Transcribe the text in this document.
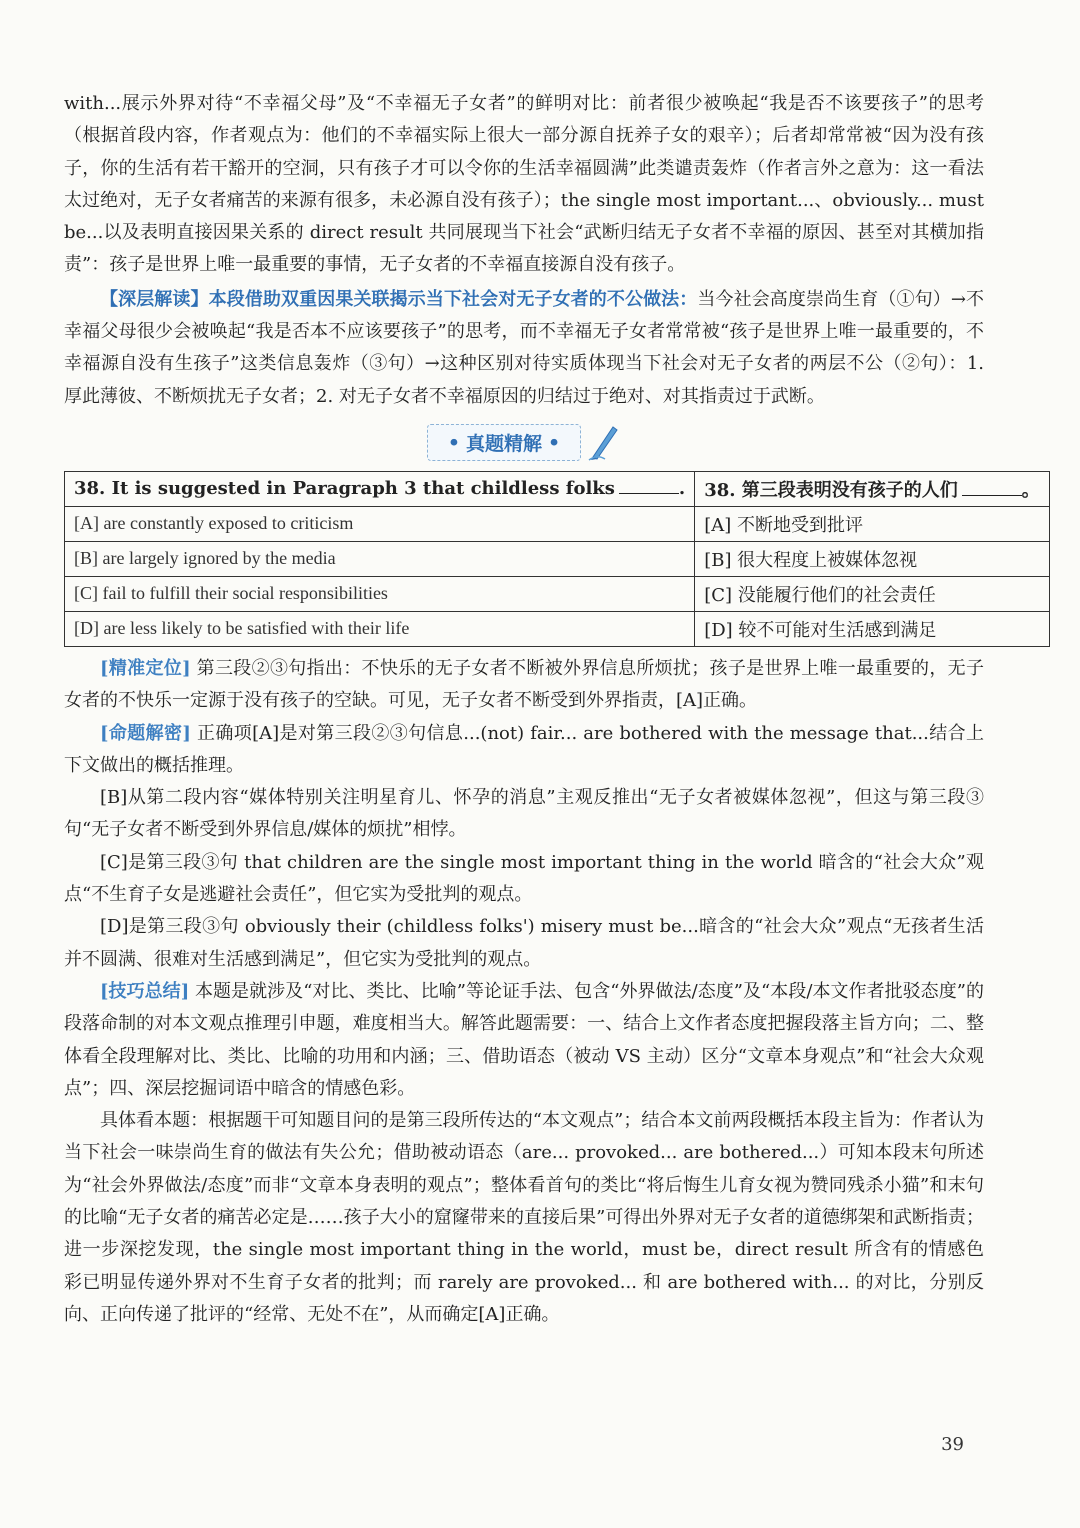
with...展示外界对待“不幸福父母”及“不幸福无子女者”的鲜明对比：前者很少被唤起“我是否不该要孩子”的思考（根据首段内容，作者观点为：他们的不幸福实际上很大一部分源自抚养子女的艰辛）；后者却常常被“因为没有孩子，你的生活有若干豁开的空洞，只有孩子才可以令你的生活幸福圆满”此类谴责轰炸（作者言外之意为：这一看法太过绝对，无子女者痛苦的来源有很多，未必源自没有孩子）；the single most important...、obviously... must be...以及表明直接因果关系的 direct result 共同展现当下社会“武断归结无子女者不幸福的原因、甚至对其横加指责”：孩子是世界上唯一最重要的事情，无子女者的不幸福直接源自没有孩子。

【深层解读】本段借助双重因果关联揭示当下社会对无子女者的不公做法：当今社会高度崇尚生育（①句）→不幸福父母很少会被唤起“我是否本不应该要孩子”的思考，而不幸福无子女者常常被“孩子是世界上唯一最重要的，不幸福源自没有生孩子”这类信息轰炸（③句）→这种区别对待实质体现当下社会对无子女者的两层不公（②句）：1. 厚此薄彼、不断烦扰无子女者；2. 对无子女者不幸福原因的归结过于绝对、对其指责过于武断。

• 真题精解 •
38. It is suggested in Paragraph 3 that childless folks .	38. 第三段表明没有孩子的人们 。
[A] are constantly exposed to criticism	[A] 不断地受到批评
[B] are largely ignored by the media	[B] 很大程度上被媒体忽视
[C] fail to fulfill their social responsibilities	[C] 没能履行他们的社会责任
[D] are less likely to be satisfied with their life	[D] 较不可能对生活感到满足

[精准定位] 第三段②③句指出：不快乐的无子女者不断被外界信息所烦扰；孩子是世界上唯一最重要的，无子女者的不快乐一定源于没有孩子的空缺。可见，无子女者不断受到外界指责，[A]正确。

[命题解密] 正确项[A]是对第三段②③句信息...(not) fair... are bothered with the message that...结合上下文做出的概括推理。

[B]从第二段内容“媒体特别关注明星育儿、怀孕的消息”主观反推出“无子女者被媒体忽视”，但这与第三段③句“无子女者不断受到外界信息/媒体的烦扰”相悖。

[C]是第三段③句 that children are the single most important thing in the world 暗含的“社会大众”观点“不生育子女是逃避社会责任”，但它实为受批判的观点。

[D]是第三段③句 obviously their (childless folks') misery must be...暗含的“社会大众”观点“无孩者生活并不圆满、很难对生活感到满足”，但它实为受批判的观点。

[技巧总结] 本题是就涉及“对比、类比、比喻”等论证手法、包含“外界做法/态度”及“本段/本文作者批驳态度”的段落命制的对本文观点推理引申题，难度相当大。解答此题需要：一、结合上文作者态度把握段落主旨方向；二、整体看全段理解对比、类比、比喻的功用和内涵；三、借助语态（被动 VS 主动）区分“文章本身观点”和“社会大众观点”；四、深层挖掘词语中暗含的情感色彩。

具体看本题：根据题干可知题目问的是第三段所传达的“本文观点”；结合本文前两段概括本段主旨为：作者认为当下社会一味崇尚生育的做法有失公允；借助被动语态（are... provoked... are bothered...）可知本段末句所述为“社会外界做法/态度”而非“文章本身表明的观点”；整体看首句的类比“将后悔生儿育女视为赞同残杀小猫”和末句的比喻“无子女者的痛苦必定是……孩子大小的窟窿带来的直接后果”可得出外界对无子女者的道德绑架和武断指责；进一步深挖发现，the single most important thing in the world，must be，direct result 所含有的情感色彩已明显传递外界对不生育子女者的批判；而 rarely are provoked... 和 are bothered with... 的对比，分别反向、正向传递了批评的“经常、无处不在”，从而确定[A]正确。

39
